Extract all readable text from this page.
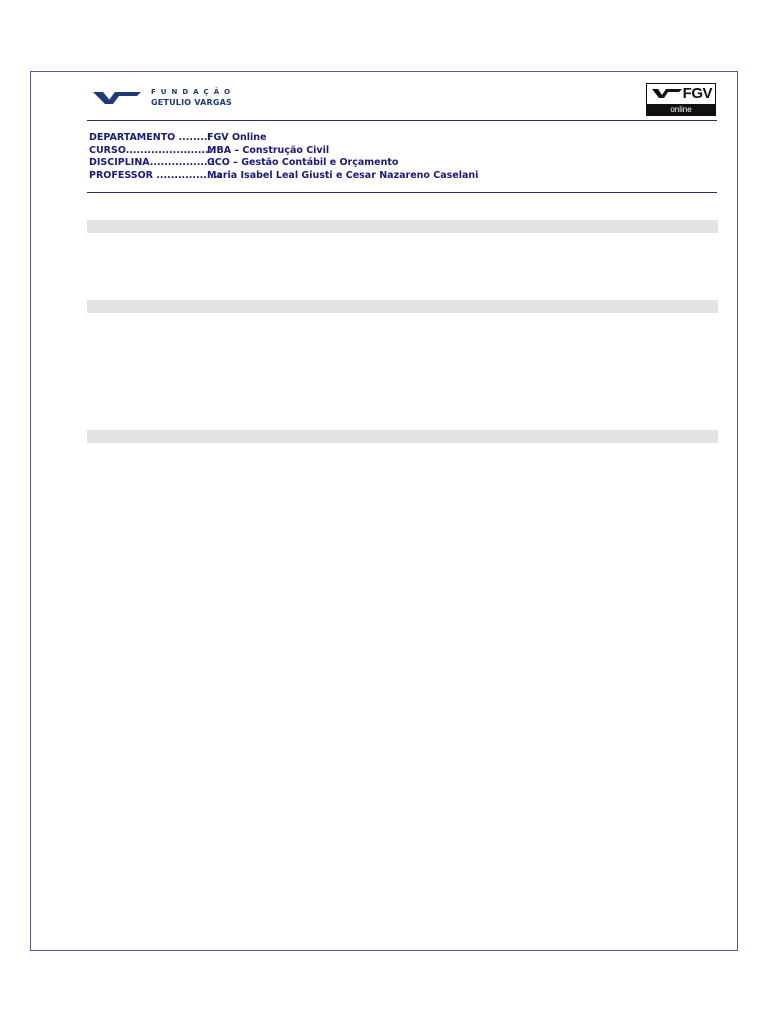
FUNDAÇÃO
GETULIO VARGAS
FGV
online
DEPARTAMENTO ........:
FGV Online
CURSO........................:
MBA – Construção Civil
DISCIPLINA.................:
GCO – Gestão Contábil e Orçamento
PROFESSOR .................:
Maria Isabel Leal Giusti e Cesar Nazareno Caselani
